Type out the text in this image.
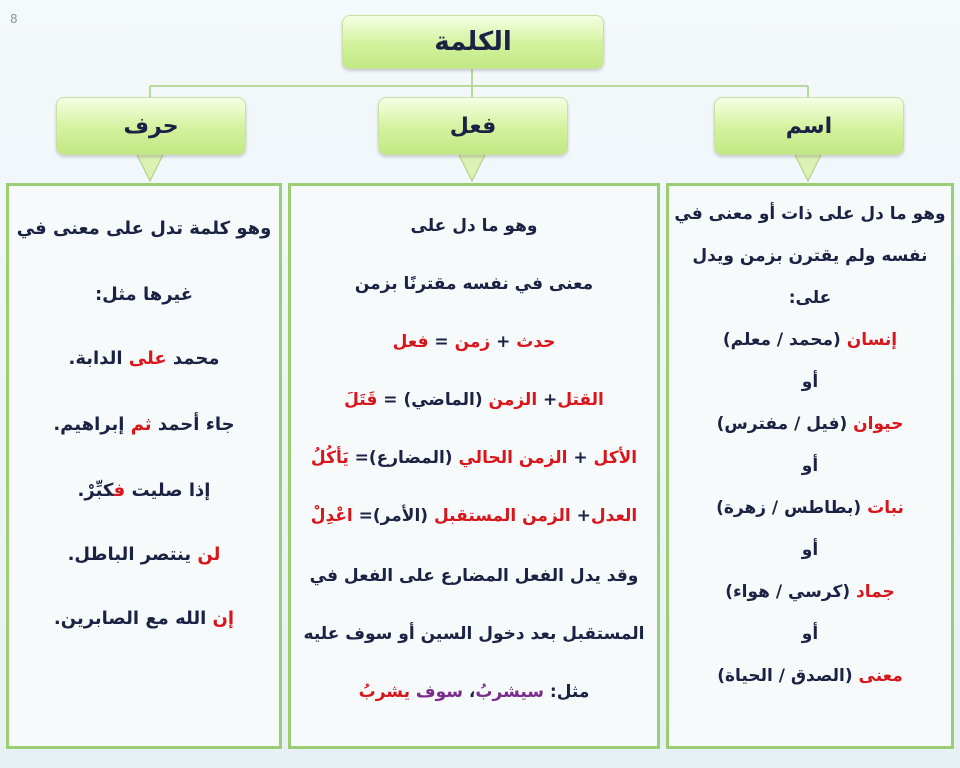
8
الكلمة
اسم
فعل
حرف
وهو ما دل على ذات أو معنى في
نفسه ولم يقترن بزمن ويدل
على:
إنسان (محمد / معلم)
أو
حيوان (فيل / مفترس)
أو
نبات (بطاطس / زهرة)
أو
جماد (كرسي / هواء)
أو
معنى (الصدق / الحياة)
وهو ما دل على
معنى في نفسه مقترنًا بزمن
حدث + زمن = فعل
القتل+ الزمن (الماضي) = قَتَلَ
الأكل + الزمن الحالي (المضارع)= يَأكُلُ
العدل+ الزمن المستقبل (الأمر)= اعْدِلْ
وقد يدل الفعل المضارع على الفعل في
المستقبل بعد دخول السين أو سوف عليه
مثل: سيشربُ، سوف يشربُ
وهو كلمة تدل على معنى في
غيرها مثل:
محمد على الدابة.
جاء أحمد ثم إبراهيم.
إذا صليت فكبِّرْ.
لن ينتصر الباطل.
إن الله مع الصابرين.
